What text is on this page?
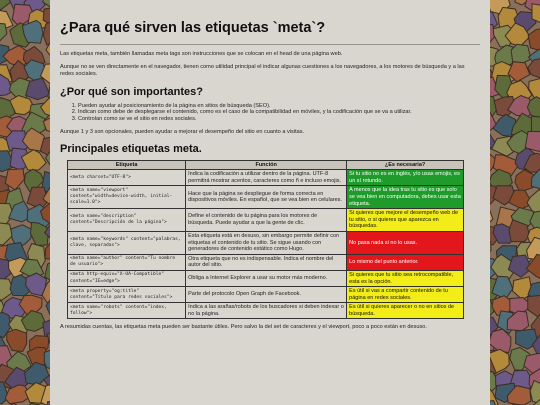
¿Para qué sirven las etiquetas `meta`?

Las etiquetas meta, también llamadas meta tags son instrucciones que se colocan en el head de una página web.

Aunque no se ven directamente en el navegador, tienen como utilidad principal el indicar algunas cuestiones a los navegadores, a los motores de búsqueda y a las redes sociales.

¿Por qué son importantes?
1. Pueden ayudar al posicionamiento de la página en sitios de búsqueda (SEO).
2. Indican como debe de desplegarse el contenido, como es el caso de la compatibilidad en móviles, y la codificación que se va a utilizar.
3. Controlan como se ve el sitio en redes sociales.

Aunque 1 y 3 son opcionales, pueden ayudar a mejorar el desempeño del sitio en cuanto a visitas.

Principales etiquetas meta.
Etiqueta	Función	¿Es necesaria?
<meta charset="UTF-8">	Indica la codificación a utilizar dentro de la página. UTF-8 permitirá mostrar acentos, caracteres como ñ e incluso emojis.	Si tu sitio no es en inglés, y/o usas emojis, es un sí rotundo.
<meta name="viewport" content="width=device-width, initial-scale=1.0">	Hace que la página se despliegue de forma correcta en dispositivos móviles. En español, que se vea bien en celulares.	A menos que la idea tras tu sitio es que solo se vea bien en computadora, debes usar esta etiqueta.
<meta name="description" content="Descripción de la página">	Define el contenido de tu página para los motores de búsqueda. Puede ayudar a que la gente de clic.	Si quieres que mejore el desempeño web de tu sitio, o si quieres que aparezca en búsquedas.
<meta name="keywords" content="palabras, clave, separadas">	Esta etiqueta está en desuso, sin embargo permite definir con etiquetas el contenido de tu sitio. Se sigue usando con generadores de contenido estático como Hugo.	No pasa nada si no lo usas.
<meta name="author" content="Tu nombre de usuario">	Otra etiqueta que no es indispensable. Indica el nombre del autor del sitio.	Lo mismo del punto anterior.
<meta http-equiv="X-UA-Compatible" content="IE=edge">	Obliga a Internet Explorer a usar su motor más moderno.	Si quieres que tu sitio sea retrocompatible, esta es la opción.
<meta property="og:title" content="Título para redes sociales">	Parte del protocolo Open Graph de Facebook.	Es útil si vas a compartir contenido de tu página en redes sociales.
<meta name="robots" content="index, follow">	Indica a las arañas/robots de los buscadores si deben indexar o no la página.	Es útil si quieres aparecer o no en sitios de búsqueda.

A resumidas cuentas, las etiquetas meta pueden ser bastante útiles. Pero salvo la del set de caracteres y el viewport, poco a poco están en desuso.
